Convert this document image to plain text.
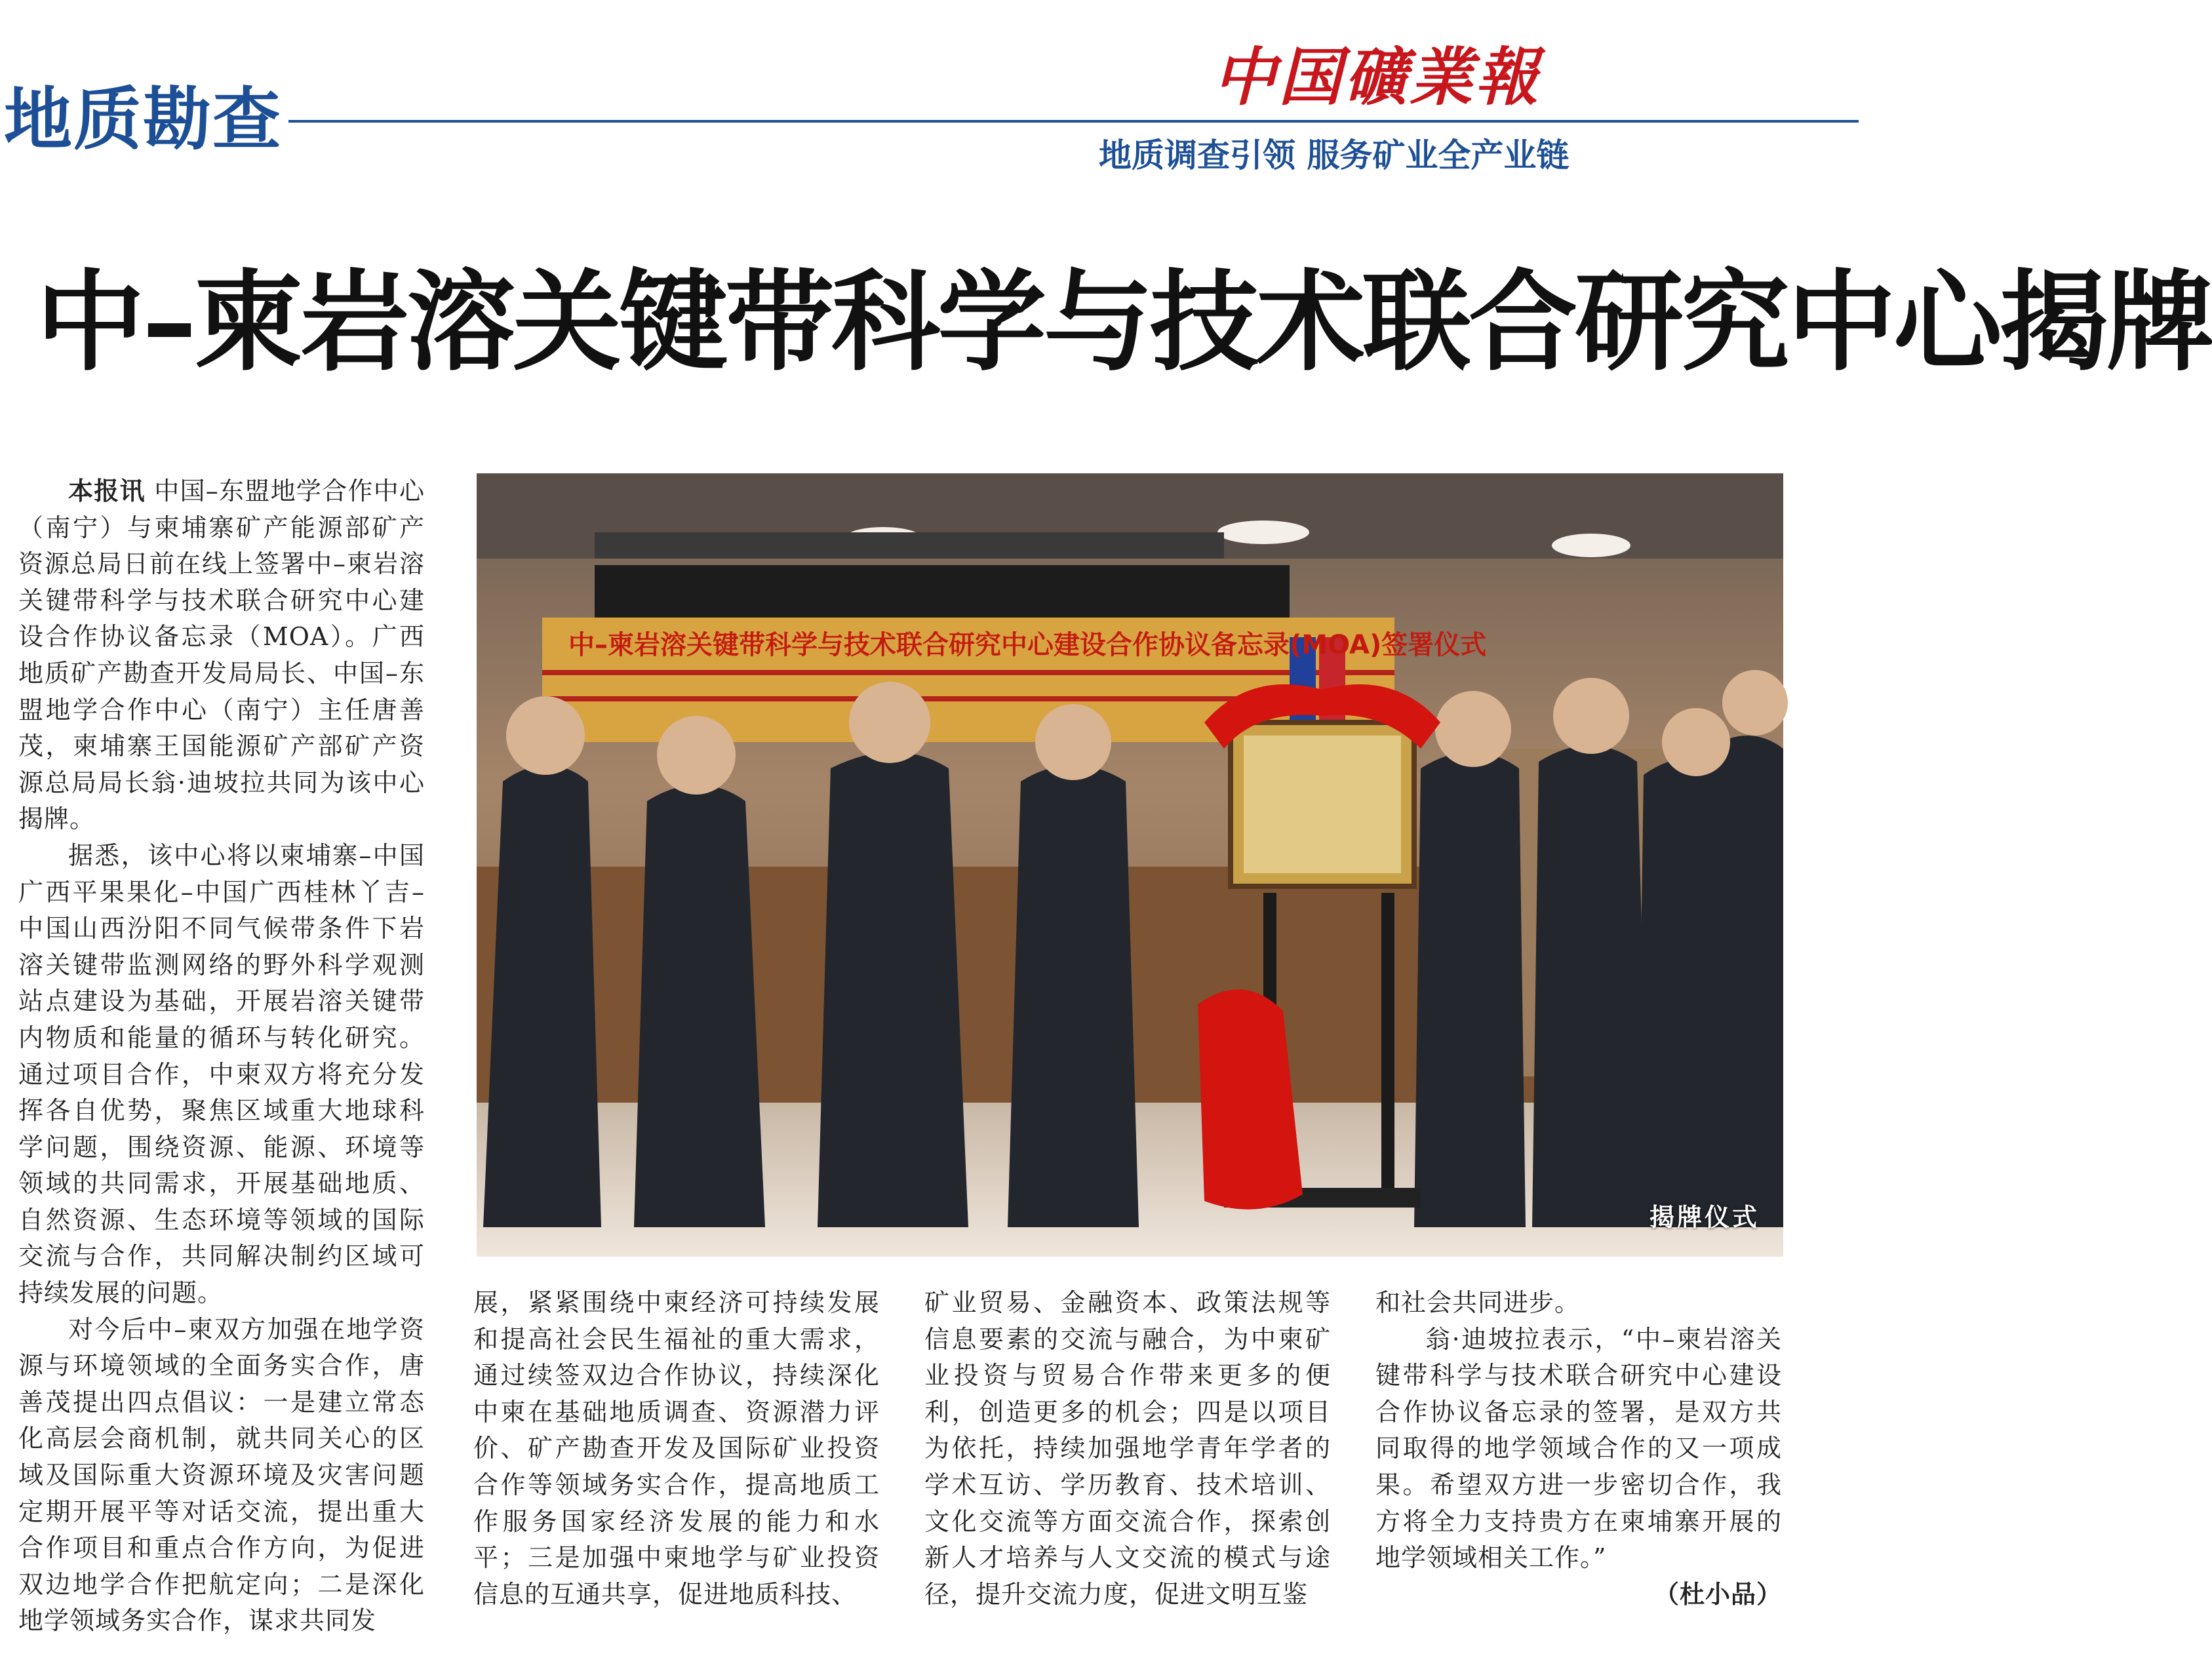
地质勘查
中国礦業報
地质调查引领 服务矿业全产业链
中–柬岩溶关键带科学与技术联合研究中心揭牌

本报讯 中国–东盟地学合作中心（南宁）与柬埔寨矿产能源部矿产资源总局日前在线上签署中–柬岩溶关键带科学与技术联合研究中心建设合作协议备忘录（MOA）。广西地质矿产勘查开发局局长、中国–东盟地学合作中心（南宁）主任唐善茂，柬埔寨王国能源矿产部矿产资源总局局长翁·迪坡拉共同为该中心揭牌。

据悉，该中心将以柬埔寨–中国广西平果果化–中国广西桂林丫吉–中国山西汾阳不同气候带条件下岩溶关键带监测网络的野外科学观测站点建设为基础，开展岩溶关键带内物质和能量的循环与转化研究。通过项目合作，中柬双方将充分发挥各自优势，聚焦区域重大地球科学问题，围绕资源、能源、环境等领域的共同需求，开展基础地质、自然资源、生态环境等领域的国际交流与合作，共同解决制约区域可持续发展的问题。

对今后中–柬双方加强在地学资源与环境领域的全面务实合作，唐善茂提出四点倡议：一是建立常态化高层会商机制，就共同关心的区域及国际重大资源环境及灾害问题定期开展平等对话交流，提出重大合作项目和重点合作方向，为促进双边地学合作把航定向；二是深化地学领域务实合作，谋求共同发

中–柬岩溶关键带科学与技术联合研究中心建设合作协议备忘录(MOA)签署仪式
揭牌仪式

展，紧紧围绕中柬经济可持续发展和提高社会民生福祉的重大需求，通过续签双边合作协议，持续深化中柬在基础地质调查、资源潜力评价、矿产勘查开发及国际矿业投资合作等领域务实合作，提高地质工作服务国家经济发展的能力和水平；三是加强中柬地学与矿业投资信息的互通共享，促进地质科技、

矿业贸易、金融资本、政策法规等信息要素的交流与融合，为中柬矿业投资与贸易合作带来更多的便利，创造更多的机会；四是以项目为依托，持续加强地学青年学者的学术互访、学历教育、技术培训、文化交流等方面交流合作，探索创新人才培养与人文交流的模式与途径，提升交流力度，促进文明互鉴

和社会共同进步。

翁·迪坡拉表示，“中–柬岩溶关键带科学与技术联合研究中心建设合作协议备忘录的签署，是双方共同取得的地学领域合作的又一项成果。希望双方进一步密切合作，我方将全力支持贵方在柬埔寨开展的地学领域相关工作。”

（杜小品）
